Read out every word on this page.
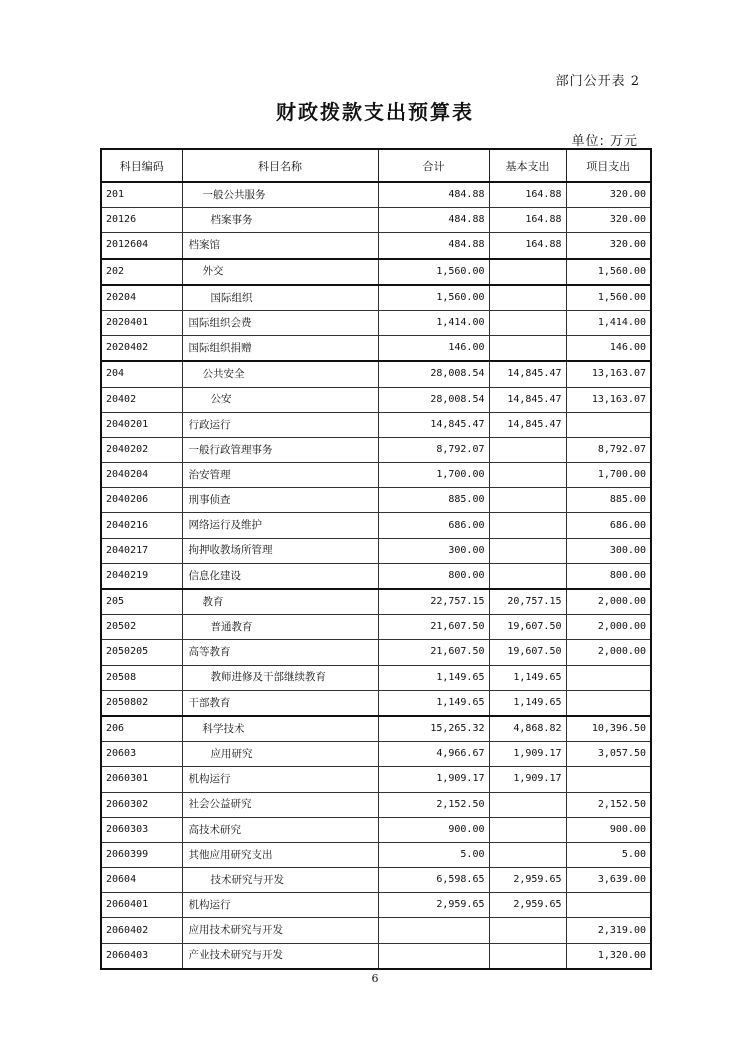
部门公开表 2
财政拨款支出预算表
单位: 万元
科目编码	科目名称	合计	基本支出	项目支出
201	一般公共服务	484.88	164.88	320.00
20126	档案事务	484.88	164.88	320.00
2012604	档案馆	484.88	164.88	320.00
202	外交	1,560.00		1,560.00
20204	国际组织	1,560.00		1,560.00
2020401	国际组织会费	1,414.00		1,414.00
2020402	国际组织捐赠	146.00		146.00
204	公共安全	28,008.54	14,845.47	13,163.07
20402	公安	28,008.54	14,845.47	13,163.07
2040201	行政运行	14,845.47	14,845.47	
2040202	一般行政管理事务	8,792.07		8,792.07
2040204	治安管理	1,700.00		1,700.00
2040206	刑事侦查	885.00		885.00
2040216	网络运行及维护	686.00		686.00
2040217	拘押收教场所管理	300.00		300.00
2040219	信息化建设	800.00		800.00
205	教育	22,757.15	20,757.15	2,000.00
20502	普通教育	21,607.50	19,607.50	2,000.00
2050205	高等教育	21,607.50	19,607.50	2,000.00
20508	教师进修及干部继续教育	1,149.65	1,149.65	
2050802	干部教育	1,149.65	1,149.65	
206	科学技术	15,265.32	4,868.82	10,396.50
20603	应用研究	4,966.67	1,909.17	3,057.50
2060301	机构运行	1,909.17	1,909.17	
2060302	社会公益研究	2,152.50		2,152.50
2060303	高技术研究	900.00		900.00
2060399	其他应用研究支出	5.00		5.00
20604	技术研究与开发	6,598.65	2,959.65	3,639.00
2060401	机构运行	2,959.65	2,959.65	
2060402	应用技术研究与开发			2,319.00
2060403	产业技术研究与开发			1,320.00
6
